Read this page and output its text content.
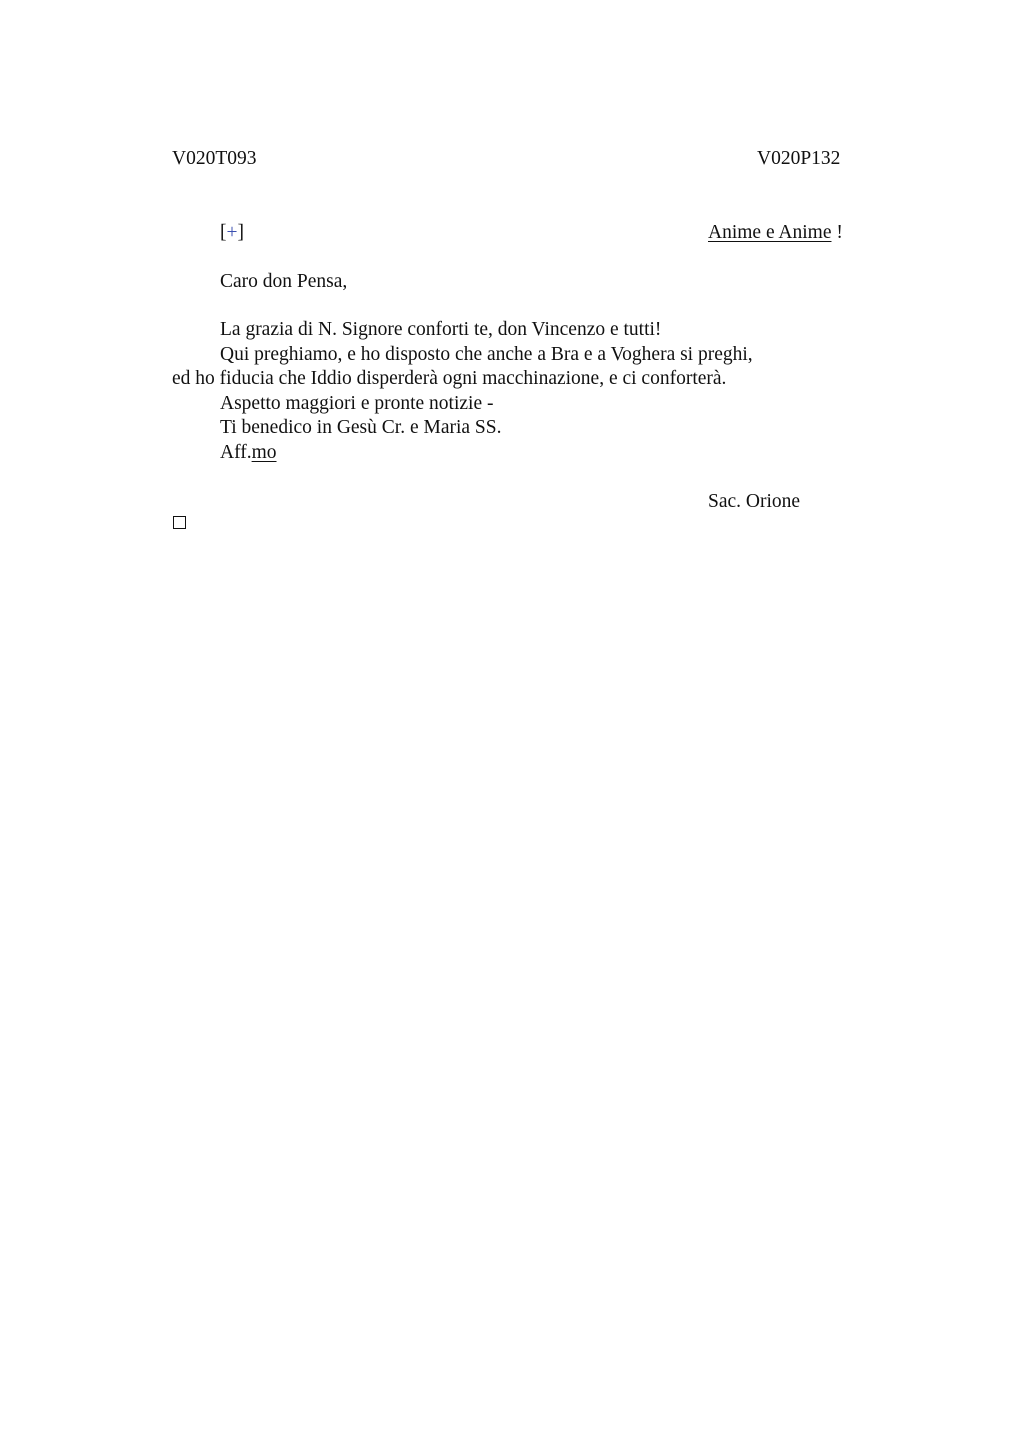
V020T093	V020P132
[+]	Anime e Anime !
Caro don Pensa,
La grazia di N. Signore conforti te, don Vincenzo e tutti!
Qui preghiamo, e ho disposto che anche a Bra e a Voghera si preghi,
ed ho fiducia che Iddio disperderà ogni macchinazione, e ci conforterà.
Aspetto maggiori e pronte notizie -
Ti benedico in Gesù Cr. e Maria SS.
Aff.mo
Sac. Orione
